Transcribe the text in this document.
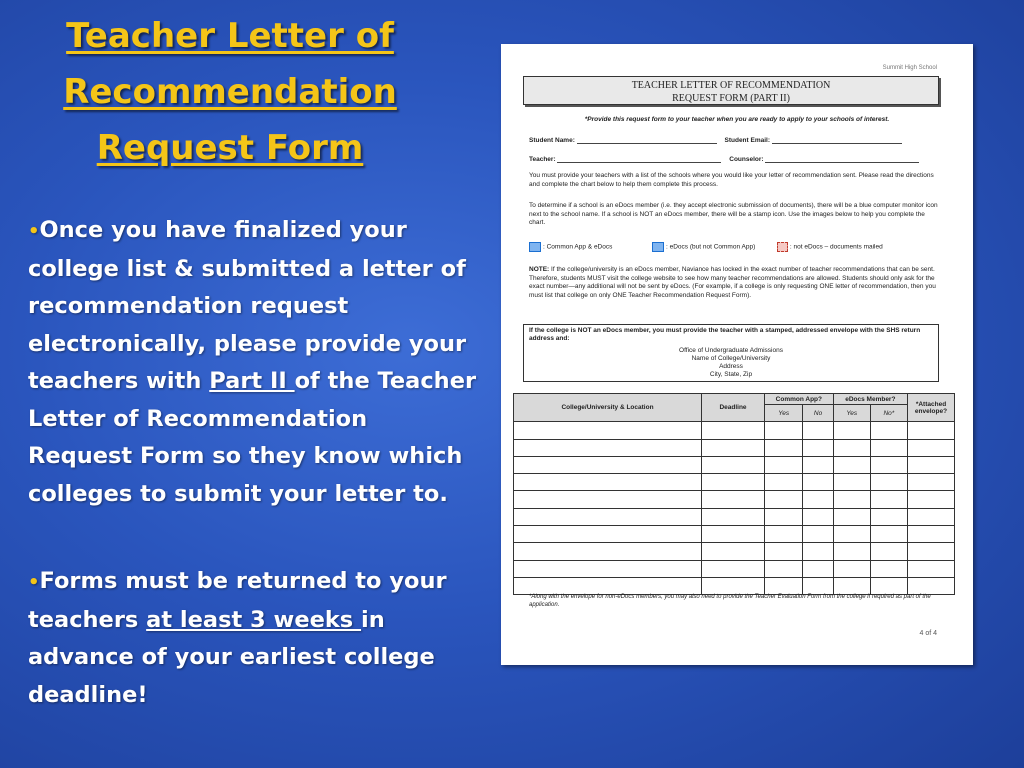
Teacher Letter of
Recommendation
Request Form
•Once you have finalized your college list & submitted a letter of recommendation request electronically, please provide your teachers with Part II of the Teacher Letter of Recommendation Request Form so they know which colleges to submit your letter to.
•Forms must be returned to your teachers at least 3 weeks in advance of your earliest college deadline!
Summit High School
TEACHER LETTER OF RECOMMENDATION
REQUEST FORM (PART II)
*Provide this request form to your teacher when you are ready to apply to your schools of interest.
Student Name:	Student Email:
Teacher:	Counselor:
You must provide your teachers with a list of the schools where you would like your letter of recommendation sent. Please read the directions and complete the chart below to help them complete this process.
To determine if a school is an eDocs member (i.e. they accept electronic submission of documents), there will be a blue computer monitor icon next to the school name. If a school is NOT an eDocs member, there will be a stamp icon. Use the images below to help you complete the chart.
: Common App & eDocs	: eDocs (but not Common App)	: not eDocs – documents mailed
NOTE: If the college/university is an eDocs member, Naviance has locked in the exact number of teacher recommendations that can be sent. Therefore, students MUST visit the college website to see how many teacher recommendations are allowed. Students should only ask for the exact number—any additional will not be sent by eDocs. (For example, if a college is only requesting ONE letter of recommendation, then you must list that college on only ONE Teacher Recommendation Request Form).
If the college is NOT an eDocs member, you must provide the teacher with a stamped, addressed envelope with the SHS return address and:
Office of Undergraduate Admissions
Name of College/University
Address
City, State, Zip
College/University & Location	Deadline	Common App?		eDocs Member?		*Attached envelope?
		Yes	No	Yes	No*	

*Along with the envelope for non-eDocs members, you may also need to provide the Teacher Evaluation Form from the college if required as part of the application.
4 of 4
